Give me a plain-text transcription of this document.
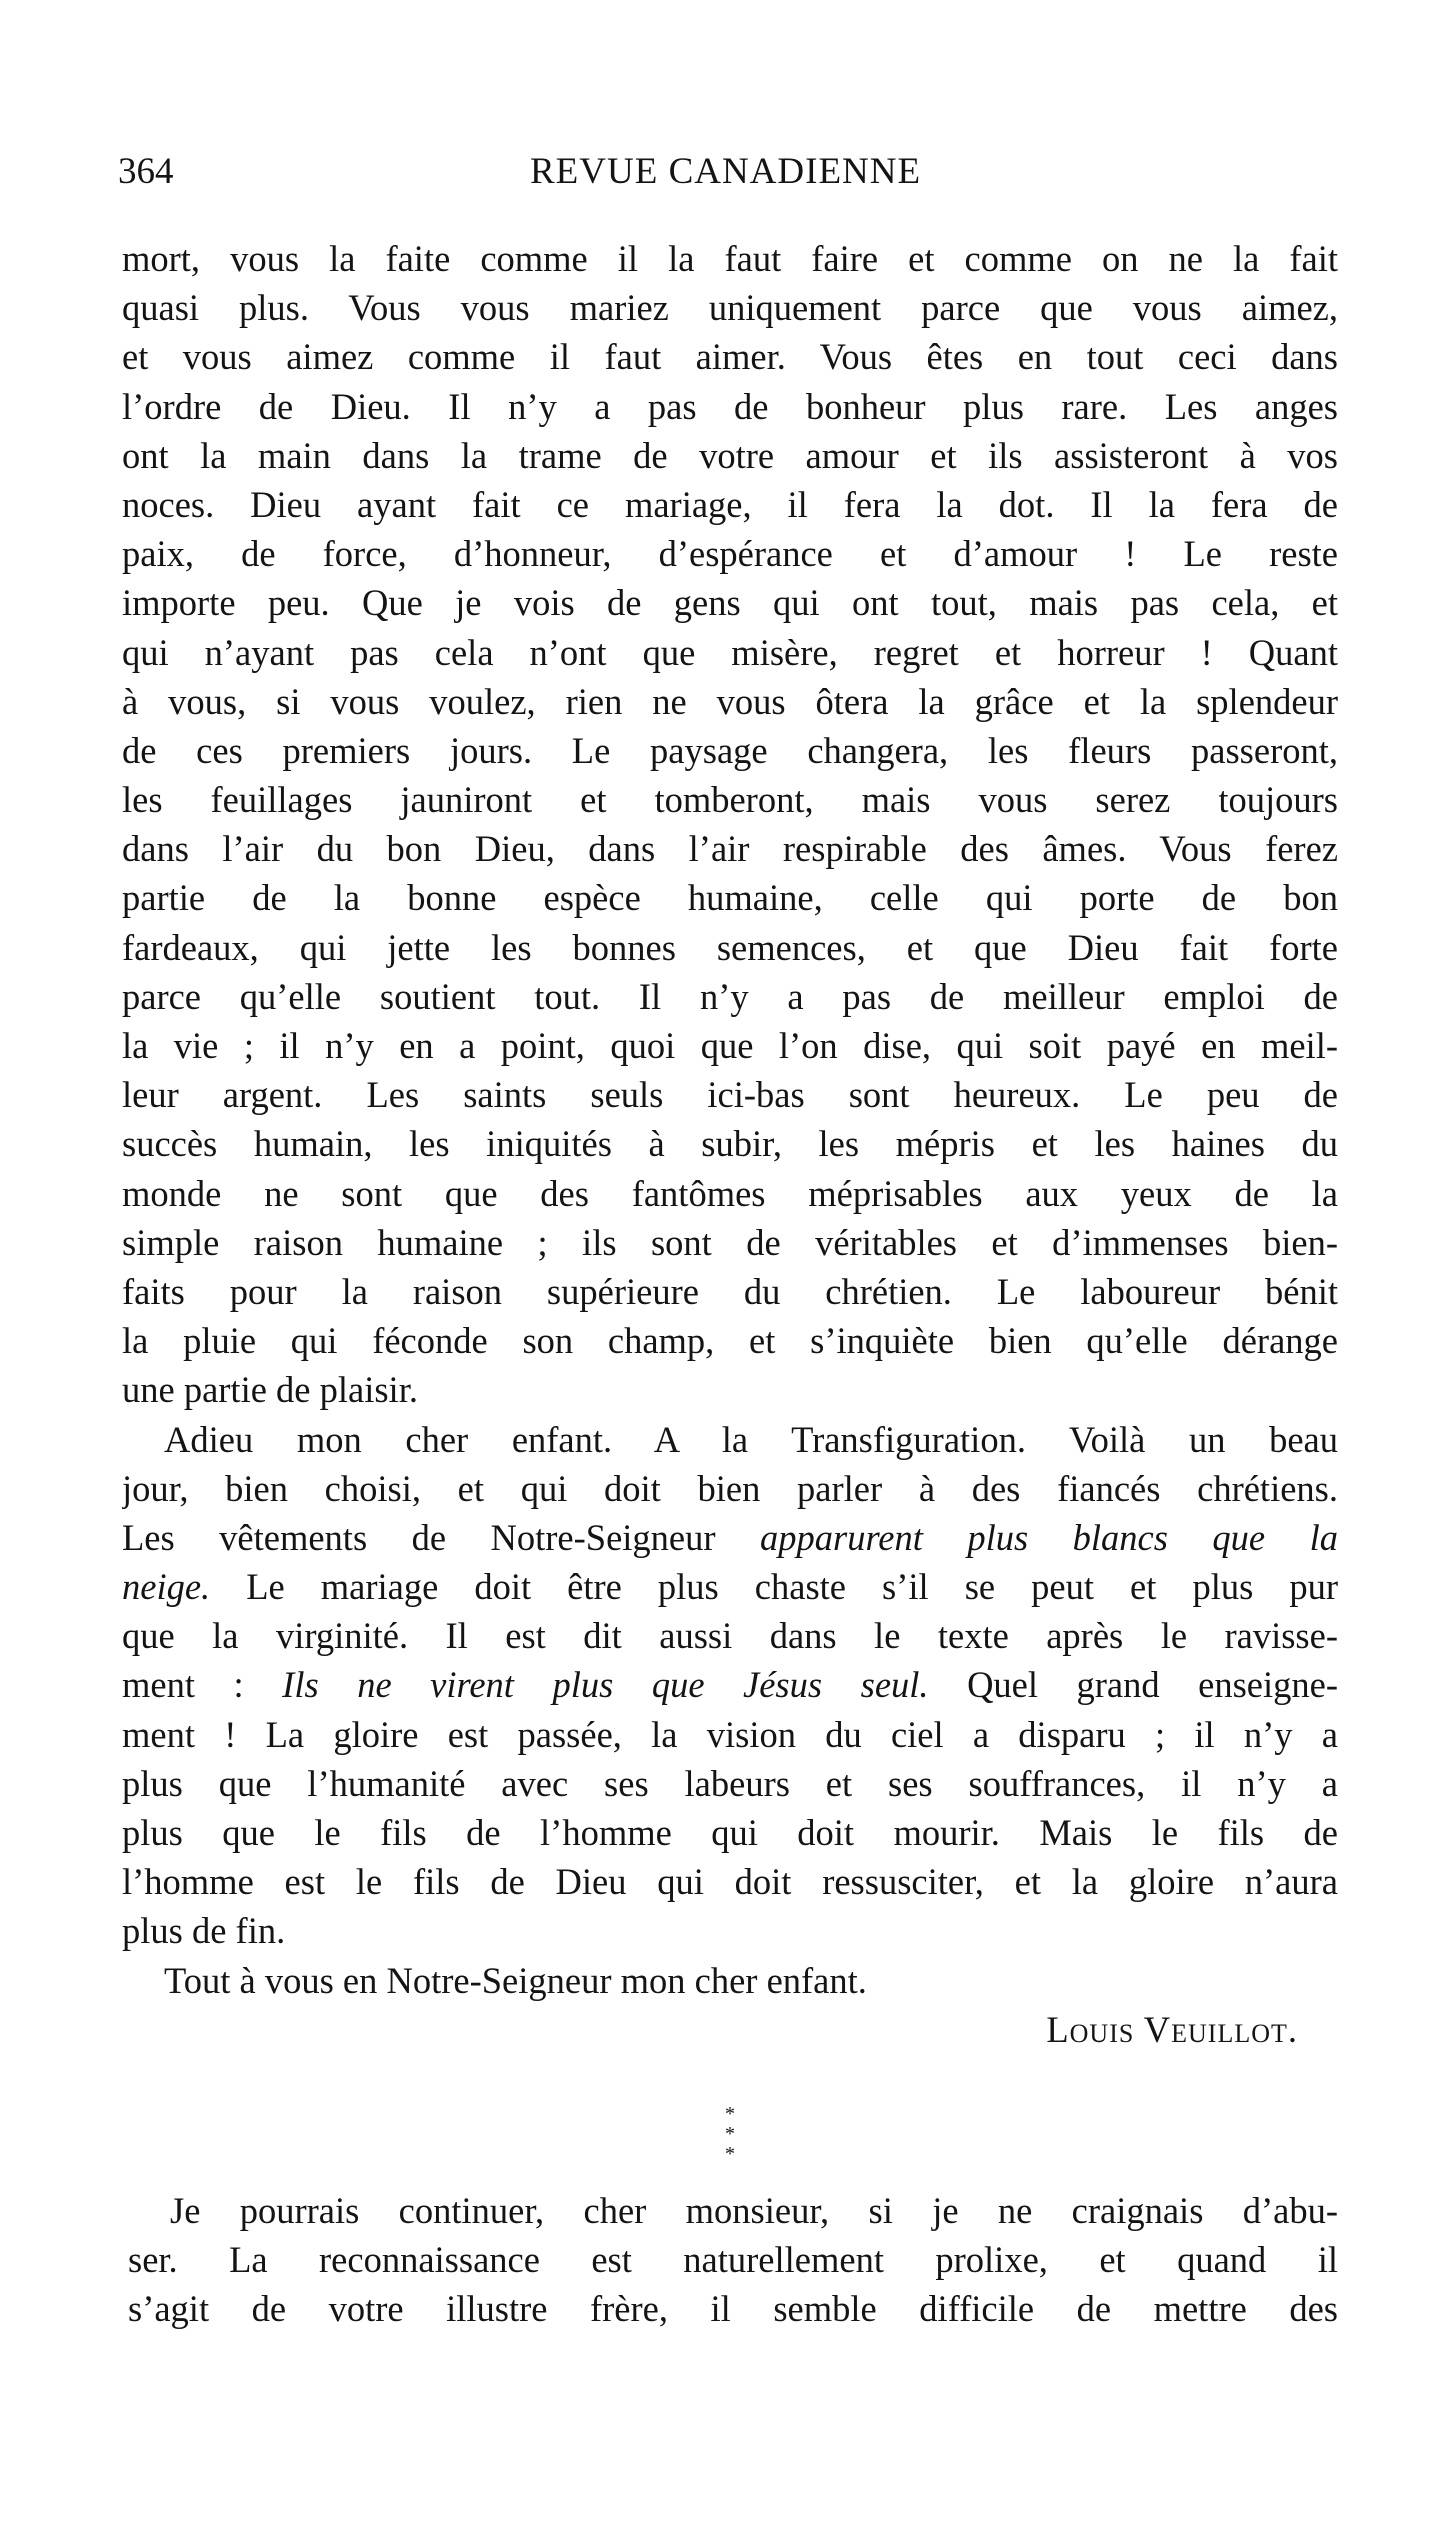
364	REVUE CANADIENNE
mort, vous la faite comme il la faut faire et comme on ne la fait
quasi plus. Vous vous mariez uniquement parce que vous aimez,
et vous aimez comme il faut aimer. Vous êtes en tout ceci dans
l’ordre de Dieu. Il n’y a pas de bonheur plus rare. Les anges
ont la main dans la trame de votre amour et ils assisteront à vos
noces. Dieu ayant fait ce mariage, il fera la dot. Il la fera de
paix, de force, d’honneur, d’espérance et d’amour ! Le reste
importe peu. Que je vois de gens qui ont tout, mais pas cela, et
qui n’ayant pas cela n’ont que misère, regret et horreur ! Quant
à vous, si vous voulez, rien ne vous ôtera la grâce et la splendeur
de ces premiers jours. Le paysage changera, les fleurs passeront,
les feuillages jauniront et tomberont, mais vous serez toujours
dans l’air du bon Dieu, dans l’air respirable des âmes. Vous ferez
partie de la bonne espèce humaine, celle qui porte de bon
fardeaux, qui jette les bonnes semences, et que Dieu fait forte
parce qu’elle soutient tout. Il n’y a pas de meilleur emploi de
la vie ; il n’y en a point, quoi que l’on dise, qui soit payé en meil-
leur argent. Les saints seuls ici-bas sont heureux. Le peu de
succès humain, les iniquités à subir, les mépris et les haines du
monde ne sont que des fantômes méprisables aux yeux de la
simple raison humaine ; ils sont de véritables et d’immenses bien-
faits pour la raison supérieure du chrétien. Le laboureur bénit
la pluie qui féconde son champ, et s’inquiète bien qu’elle dérange
une partie de plaisir.
Adieu mon cher enfant. A la Transfiguration. Voilà un beau
jour, bien choisi, et qui doit bien parler à des fiancés chrétiens.
Les vêtements de Notre-Seigneur apparurent plus blancs que la
neige. Le mariage doit être plus chaste s’il se peut et plus pur
que la virginité. Il est dit aussi dans le texte après le ravisse-
ment : Ils ne virent plus que Jésus seul. Quel grand enseigne-
ment ! La gloire est passée, la vision du ciel a disparu ; il n’y a
plus que l’humanité avec ses labeurs et ses souffrances, il n’y a
plus que le fils de l’homme qui doit mourir. Mais le fils de
l’homme est le fils de Dieu qui doit ressusciter, et la gloire n’aura
plus de fin.
Tout à vous en Notre-Seigneur mon cher enfant.
Louis Veuillot.
*
* *
Je pourrais continuer, cher monsieur, si je ne craignais d’abu-
ser. La reconnaissance est naturellement prolixe, et quand il
s’agit de votre illustre frère, il semble difficile de mettre des
